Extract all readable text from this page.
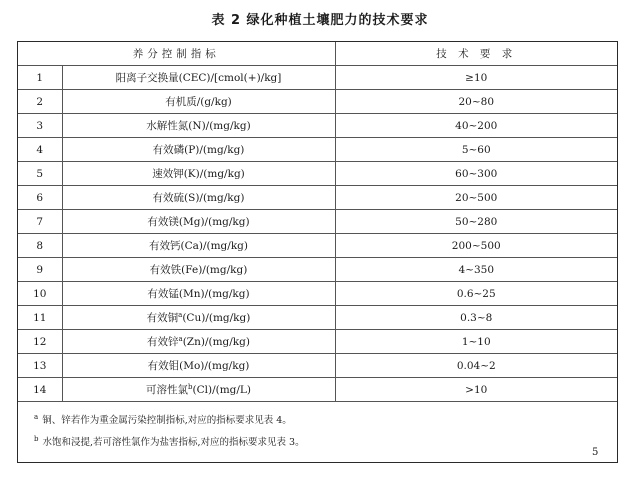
表 2 绿化种植土壤肥力的技术要求
养分控制指标		技 术 要 求
1	阳离子交换量(CEC)/[cmol(+)/kg]	≥10
2	有机质/(g/kg)	20~80
3	水解性氮(N)/(mg/kg)	40~200
4	有效磷(P)/(mg/kg)	5~60
5	速效钾(K)/(mg/kg)	60~300
6	有效硫(S)/(mg/kg)	20~500
7	有效镁(Mg)/(mg/kg)	50~280
8	有效钙(Ca)/(mg/kg)	200~500
9	有效铁(Fe)/(mg/kg)	4~350
10	有效锰(Mn)/(mg/kg)	0.6~25
11	有效铜$^a$(Cu)/(mg/kg)	0.3~8
12	有效锌$^a$(Zn)/(mg/kg)	1~10
13	有效钼(Mo)/(mg/kg)	0.04~2
14	可溶性氯$^b$(Cl)/(mg/L)	>10

$^a$ 铜、锌若作为重金属污染控制指标,对应的指标要求见表 4。
$^b$ 水饱和浸提,若可溶性氯作为盐害指标,对应的指标要求见表 3。		
5
